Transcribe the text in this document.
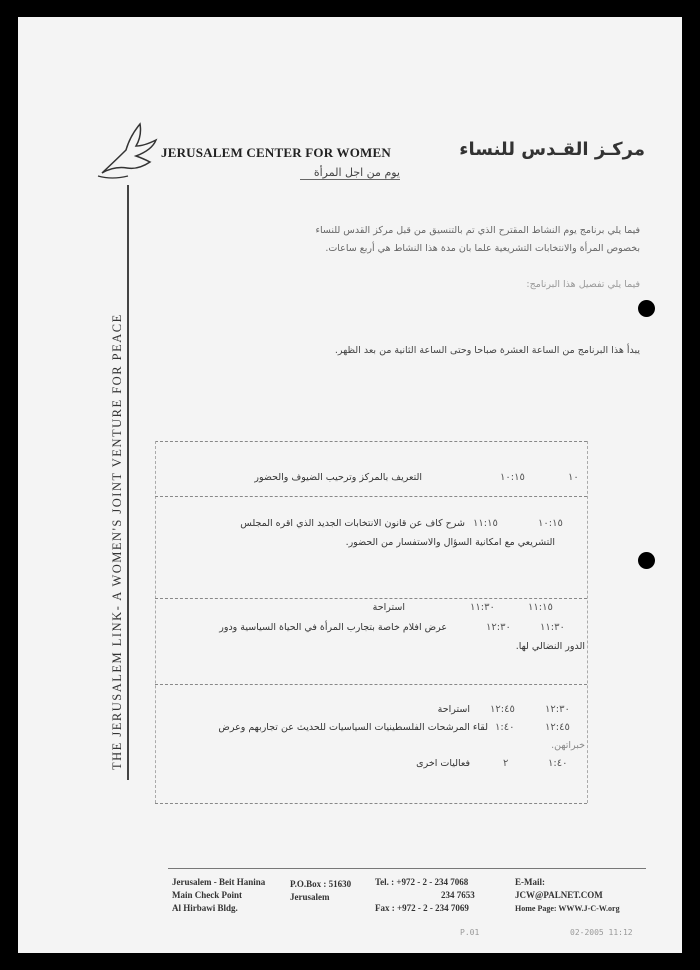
JERUSALEM CENTER FOR WOMEN	مركـز القـدس للنساء
يوم من اجل المرأة
THE JERUSALEM LINK- A WOMEN'S JOINT VENTURE FOR PEACE
فيما يلي برنامج يوم النشاط المقترح الذي تم بالتنسيق من قبل مركز القدس للنساء
بخصوص المرأة والانتخابات التشريعية علما بان مدة هذا النشاط هي أربع ساعات.
فيما يلي تفصيل هذا البرنامج:
يبدأ هذا البرنامج من الساعة العشرة صباحا وحتى الساعة الثانية من بعد الظهر.
١٠
١٠:١٥
التعريف بالمركز وترحيب الضيوف والحضور
١٠:١٥
١١:١٥
شرح كاف عن قانون الانتخابات الجديد الذي اقره المجلس
التشريعي مع امكانية السؤال والاستفسار من الحضور.
١١:١٥
١١:٣٠
استراحة
١١:٣٠
١٢:٣٠
عرض افلام خاصة بتجارب المرأة في الحياة السياسية ودور
الدور النضالي لها.
١٢:٣٠
١٢:٤٥
استراحة
١٢:٤٥
١:٤٠
لقاء المرشحات الفلسطينيات السياسيات للحديث عن تجاربهم وعرض
خبراتهن.
١:٤٠
٢
فعاليات اخرى
Jerusalem - Beit Hanina
Main Check Point
Al Hirbawi Bldg.
P.O.Box : 51630
Jerusalem
Tel. : +972 - 2 - 234 7068
234 7653
Fax : +972 - 2 - 234 7069
E-Mail:
JCW@PALNET.COM
Home Page: WWW.J-C-W.org
P.01	02-2005 11:12
